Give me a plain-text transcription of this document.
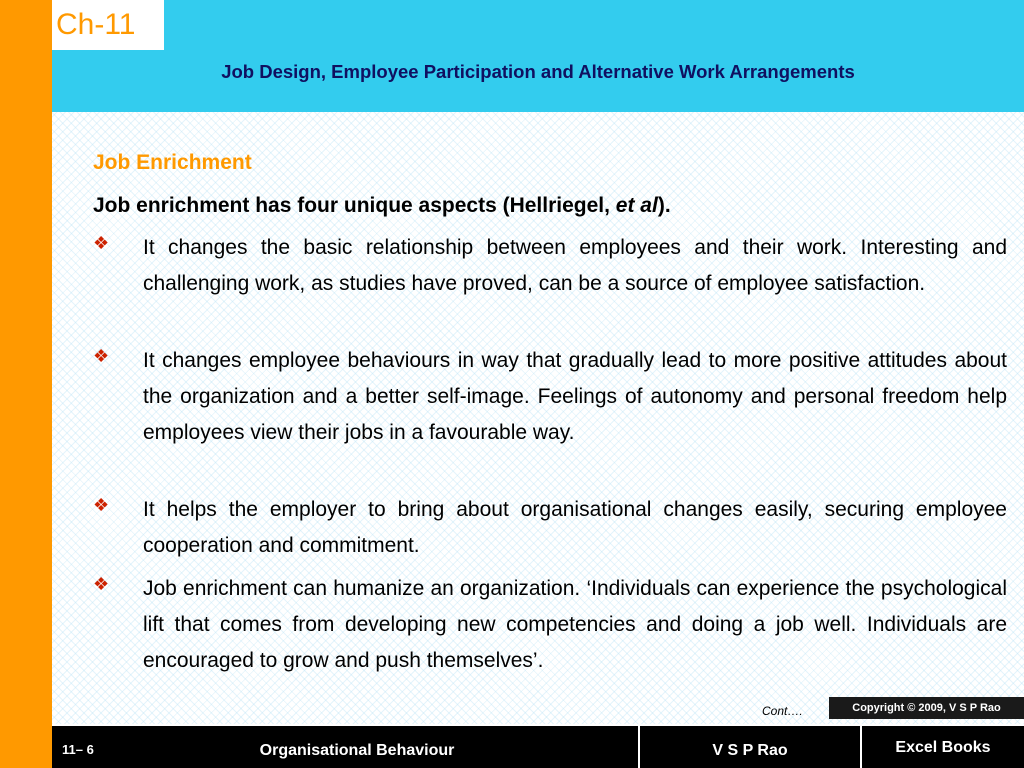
Ch-11
Job Design, Employee Participation and Alternative Work Arrangements
Job Enrichment
Job enrichment has four unique aspects (Hellriegel, et al).
❖ It changes the basic relationship between employees and their work. Interesting and challenging work, as studies have proved, can be a source of employee satisfaction.
❖ It changes employee behaviours in way that gradually lead to more positive attitudes about the organization and a better self-image. Feelings of autonomy and personal freedom help employees view their jobs in a favourable way.
❖ It helps the employer to bring about organisational changes easily, securing employee cooperation and commitment.
❖ Job enrichment can humanize an organization. ‘Individuals can experience the psychological lift that comes from developing new competencies and doing a job well. Individuals are encouraged to grow and push themselves’.
Cont….	Copyright © 2009, V S P Rao
11– 6	Organisational Behaviour	V S P Rao	Excel Books
